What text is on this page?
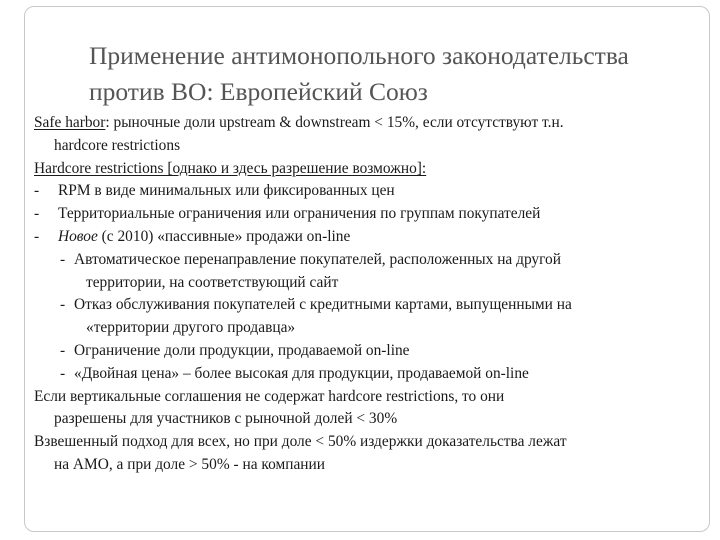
Применение антимонопольного законодательства
против ВО: Европейский Союз
Safe harbor: рыночные доли upstream & downstream < 15%, если отсутствуют т.н.
hardcore restrictions
Hardcore restrictions [однако и здесь разрешение возможно]:
-	RPM в виде минимальных или фиксированных цен
-	Территориальные ограничения или ограничения по группам покупателей
-	Новое (с 2010) «пассивные» продажи on-line
- Автоматическое перенаправление покупателей, расположенных на другой
территории, на соответствующий сайт
- Отказ обслуживания покупателей с кредитными картами, выпущенными на
«территории другого продавца»
- Ограничение доли продукции, продаваемой on-line
- «Двойная цена» – более высокая для продукции, продаваемой on-line
Если вертикальные соглашения не содержат hardcore restrictions, то они
разрешены для участников с рыночной долей < 30%
Взвешенный подход для всех, но при доле < 50% издержки доказательства лежат
на АМО, а при доле > 50% - на компании
